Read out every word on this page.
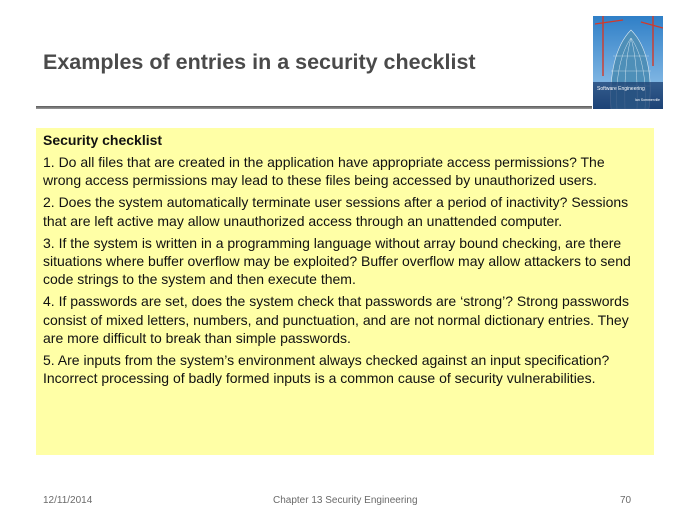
Examples of entries in a security checklist
Software Engineering
Ian Sommerville
Security checklist
1. Do all files that are created in the application have appropriate access permissions? The wrong access permissions may lead to these files being accessed by unauthorized users.
2. Does the system automatically terminate user sessions after a period of inactivity? Sessions that are left active may allow unauthorized access through an unattended computer.
3. If the system is written in a programming language without array bound checking, are there situations where buffer overflow may be exploited? Buffer overflow may allow attackers to send code strings to the system and then execute them.
4. If passwords are set, does the system check that passwords are ‘strong’? Strong passwords consist of mixed letters, numbers, and punctuation, and are not normal dictionary entries. They are more difficult to break than simple passwords.
5. Are inputs from the system’s environment always checked against an input specification? Incorrect processing of badly formed inputs is a common cause of security vulnerabilities.
12/11/2014	Chapter 13 Security Engineering	70
